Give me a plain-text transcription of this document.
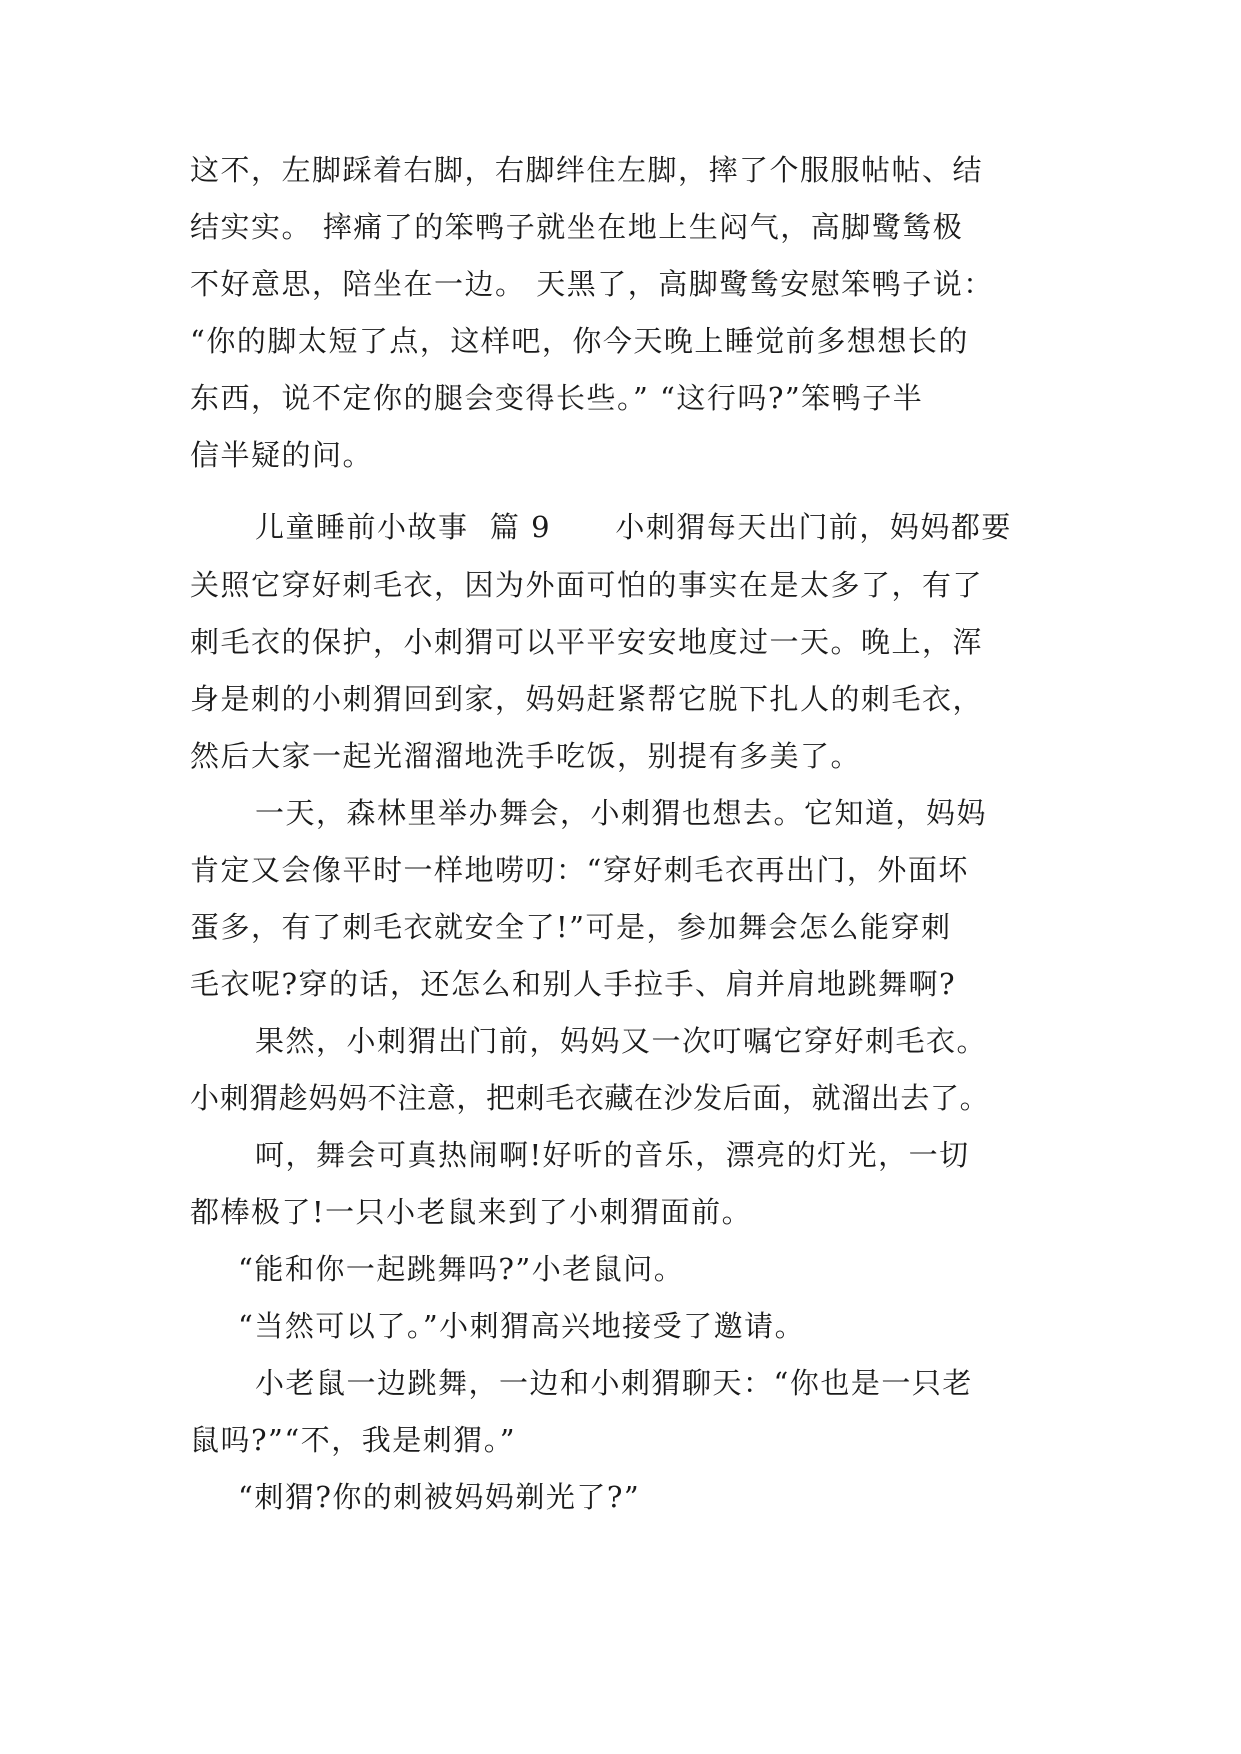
这不，左脚踩着右脚，右脚绊住左脚，摔了个服服帖帖、结
结实实。 摔痛了的笨鸭子就坐在地上生闷气，高脚鹭鸶极
不好意思，陪坐在一边。 天黑了，高脚鹭鸶安慰笨鸭子说：
“你的脚太短了点，这样吧，你今天晚上睡觉前多想想长的
东西，说不定你的腿会变得长些。” “这行吗?”笨鸭子半
信半疑的问。
儿童睡前小故事  篇 9      小刺猬每天出门前，妈妈都要
关照它穿好刺毛衣，因为外面可怕的事实在是太多了，有了
刺毛衣的保护，小刺猬可以平平安安地度过一天。晚上，浑
身是刺的小刺猬回到家，妈妈赶紧帮它脱下扎人的刺毛衣，
然后大家一起光溜溜地洗手吃饭，别提有多美了。
一天，森林里举办舞会，小刺猬也想去。它知道，妈妈
肯定又会像平时一样地唠叨：“穿好刺毛衣再出门，外面坏
蛋多，有了刺毛衣就安全了!”可是，参加舞会怎么能穿刺
毛衣呢?穿的话，还怎么和别人手拉手、肩并肩地跳舞啊?
果然，小刺猬出门前，妈妈又一次叮嘱它穿好刺毛衣。
小刺猬趁妈妈不注意，把刺毛衣藏在沙发后面，就溜出去了。
呵，舞会可真热闹啊!好听的音乐，漂亮的灯光，一切
都棒极了!一只小老鼠来到了小刺猬面前。
“能和你一起跳舞吗?”小老鼠问。
“当然可以了。”小刺猬高兴地接受了邀请。
小老鼠一边跳舞，一边和小刺猬聊天：“你也是一只老
鼠吗?”“不，我是刺猬。”
“刺猬?你的刺被妈妈剃光了?”
